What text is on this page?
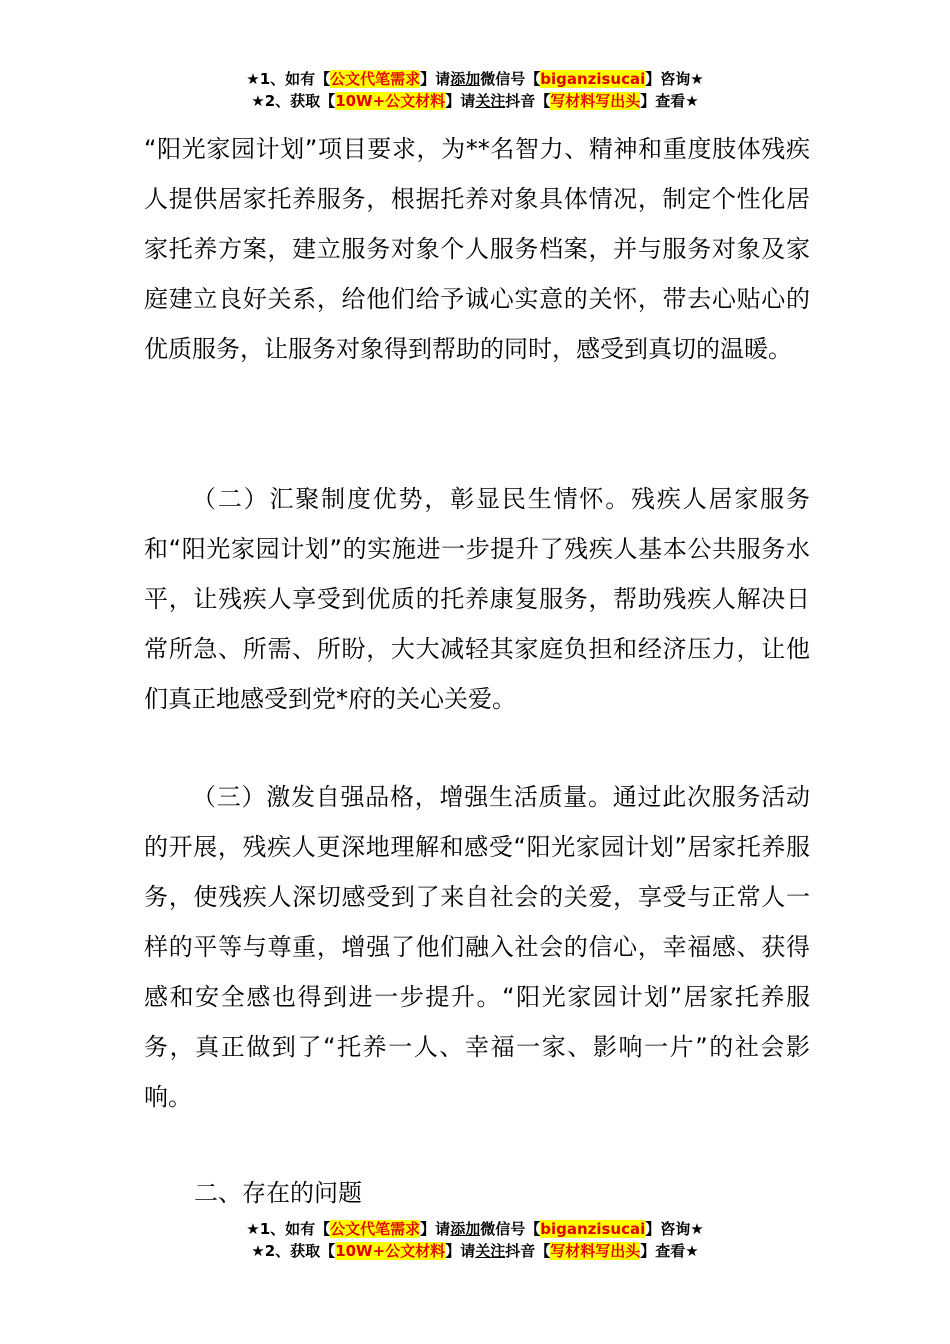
★1、如有【公文代笔需求】请添加微信号【biganzisucai】咨询★
★2、获取【10W+公文材料】请关注抖音【写材料写出头】查看★

“阳光家园计划”项目要求，为**名智力、精神和重度肢体残疾人提供居家托养服务，根据托养对象具体情况，制定个性化居家托养方案，建立服务对象个人服务档案，并与服务对象及家庭建立良好关系，给他们给予诚心实意的关怀，带去心贴心的优质服务，让服务对象得到帮助的同时，感受到真切的温暖。

（二）汇聚制度优势，彰显民生情怀。残疾人居家服务和“阳光家园计划”的实施进一步提升了残疾人基本公共服务水平，让残疾人享受到优质的托养康复服务，帮助残疾人解决日常所急、所需、所盼，大大减轻其家庭负担和经济压力，让他们真正地感受到党*府的关心关爱。

（三）激发自强品格，增强生活质量。通过此次服务活动的开展，残疾人更深地理解和感受“阳光家园计划”居家托养服务，使残疾人深切感受到了来自社会的关爱，享受与正常人一样的平等与尊重，增强了他们融入社会的信心，幸福感、获得感和安全感也得到进一步提升。“阳光家园计划”居家托养服务，真正做到了“托养一人、幸福一家、影响一片”的社会影响。

二、存在的问题

★1、如有【公文代笔需求】请添加微信号【biganzisucai】咨询★
★2、获取【10W+公文材料】请关注抖音【写材料写出头】查看★
